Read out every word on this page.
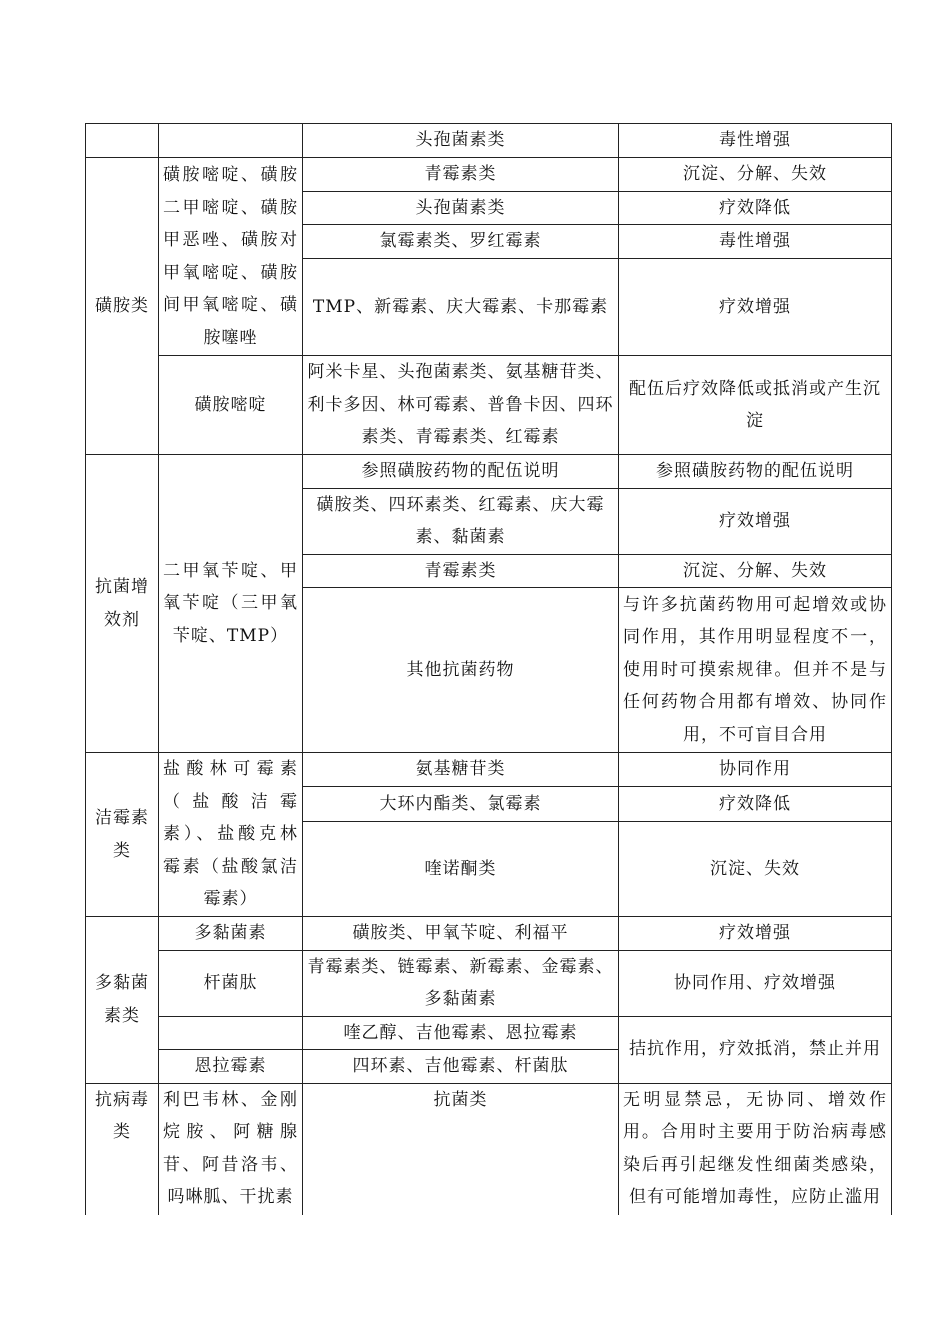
		头孢菌素类	毒性增强
磺胺类	磺胺嘧啶、磺胺二甲嘧啶、磺胺甲恶唑、磺胺对甲氧嘧啶、磺胺间甲氧嘧啶、磺胺噻唑	青霉素类	沉淀、分解、失效
		头孢菌素类	疗效降低
		氯霉素类、罗红霉素	毒性增强
		TMP、新霉素、庆大霉素、卡那霉素	疗效增强
	磺胺嘧啶	阿米卡星、头孢菌素类、氨基糖苷类、利卡多因、林可霉素、普鲁卡因、四环素类、青霉素类、红霉素	配伍后疗效降低或抵消或产生沉淀
抗菌增效剂	二甲氧苄啶、甲氧苄啶（三甲氧苄啶、TMP）	参照磺胺药物的配伍说明	参照磺胺药物的配伍说明
		磺胺类、四环素类、红霉素、庆大霉素、黏菌素	疗效增强
		青霉素类	沉淀、分解、失效
		其他抗菌药物	与许多抗菌药物用可起增效或协同作用，其作用明显程度不一，使用时可摸索规律。但并不是与任何药物合用都有增效、协同作用，不可盲目合用
洁霉素类	盐酸林可霉素（盐酸洁霉素）、盐酸克林霉素（盐酸氯洁霉素）	氨基糖苷类	协同作用
		大环内酯类、氯霉素	疗效降低
		喹诺酮类	沉淀、失效
多黏菌素类	多黏菌素	磺胺类、甲氧苄啶、利福平	疗效增强
	杆菌肽	青霉素类、链霉素、新霉素、金霉素、多黏菌素	协同作用、疗效增强
		喹乙醇、吉他霉素、恩拉霉素	拮抗作用，疗效抵消，禁止并用
	恩拉霉素	四环素、吉他霉素、杆菌肽	
抗病毒类	利巴韦林、金刚烷胺、阿糖腺苷、阿昔洛韦、吗啉胍、干扰素	抗菌类	无明显禁忌，无协同、增效作用。合用时主要用于防治病毒感染后再引起继发性细菌类感染，但有可能增加毒性，应防止滥用
